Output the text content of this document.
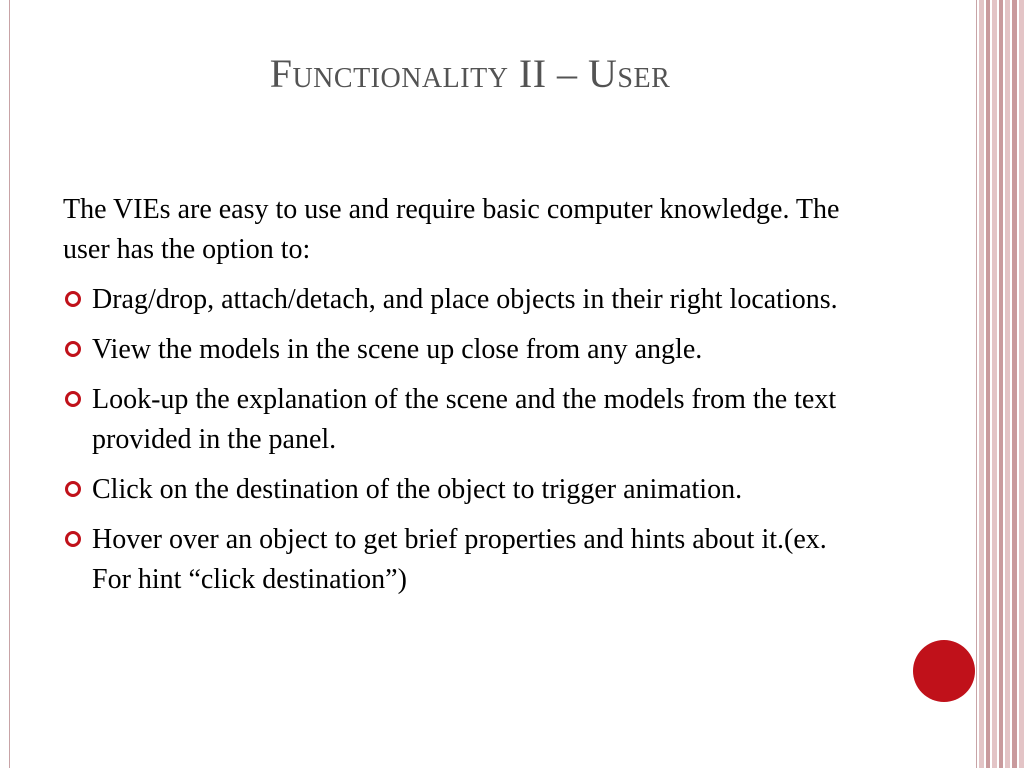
Functionality II – User

The VIEs are easy to use and require basic computer knowledge. The user has the option to:

Drag/drop, attach/detach, and place objects in their right locations.
View the models in the scene up close from any angle.
Look-up the explanation of the scene and the models from the text provided in the panel.
Click on the destination of the object to trigger animation.
Hover over an object to get brief properties and hints about it.(ex. For hint “click destination”)
